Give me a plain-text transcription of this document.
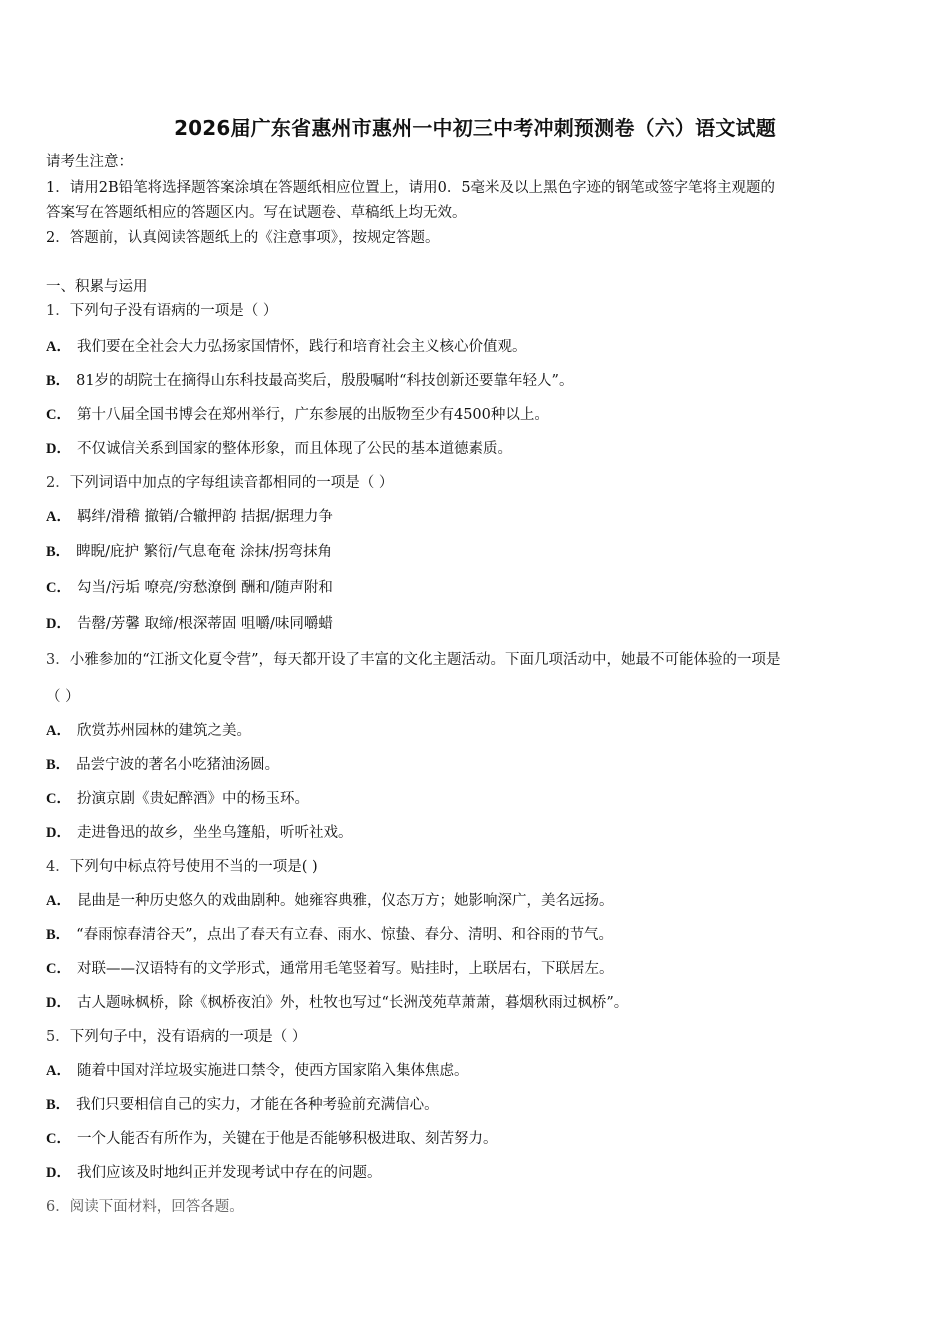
2026届广东省惠州市惠州一中初三中考冲刺预测卷（六）语文试题
请考生注意：
1．请用2B铅笔将选择题答案涂填在答题纸相应位置上，请用0．5毫米及以上黑色字迹的钢笔或签字笔将主观题的
答案写在答题纸相应的答题区内。写在试题卷、草稿纸上均无效。
2．答题前，认真阅读答题纸上的《注意事项》，按规定答题。
一、积累与运用
1．下列句子没有语病的一项是（ ）
A． 我们要在全社会大力弘扬家国情怀，践行和培育社会主义核心价值观。
B． 81岁的胡院士在摘得山东科技最高奖后，殷殷嘱咐“科技创新还要靠年轻人”。
C． 第十八届全国书博会在郑州举行，广东参展的出版物至少有4500种以上。
D． 不仅诚信关系到国家的整体形象，而且体现了公民的基本道德素质。
2．下列词语中加点的字每组读音都相同的一项是（ ）
A． 羁绊/滑稽 撤销/合辙押韵 拮据/据理力争
B． 睥睨/庇护 繁衍/气息奄奄 涂抹/拐弯抹角
C． 勾当/污垢 嘹亮/穷愁潦倒 酬和/随声附和
D． 告罄/芳馨 取缔/根深蒂固 咀嚼/味同嚼蜡
3．小雅参加的“江浙文化夏令营”，每天都开设了丰富的文化主题活动。下面几项活动中，她最不可能体验的一项是
（ ）
A． 欣赏苏州园林的建筑之美。
B． 品尝宁波的著名小吃猪油汤圆。
C． 扮演京剧《贵妃醉酒》中的杨玉环。
D． 走进鲁迅的故乡，坐坐乌篷船，听听社戏。
4．下列句中标点符号使用不当的一项是( )
A． 昆曲是一种历史悠久的戏曲剧种。她雍容典雅，仪态万方；她影响深广，美名远扬。
B． “春雨惊春清谷天”，点出了春天有立春、雨水、惊蛰、春分、清明、和谷雨的节气。
C． 对联——汉语特有的文学形式，通常用毛笔竖着写。贴挂时，上联居右，下联居左。
D． 古人题咏枫桥，除《枫桥夜泊》外，杜牧也写过“长洲茂苑草萧萧，暮烟秋雨过枫桥”。
5．下列句子中，没有语病的一项是（ ）
A． 随着中国对洋垃圾实施进口禁令，使西方国家陷入集体焦虑。
B． 我们只要相信自己的实力，才能在各种考验前充满信心。
C． 一个人能否有所作为，关键在于他是否能够积极进取、刻苦努力。
D． 我们应该及时地纠正并发现考试中存在的问题。
6．阅读下面材料，回答各题。
